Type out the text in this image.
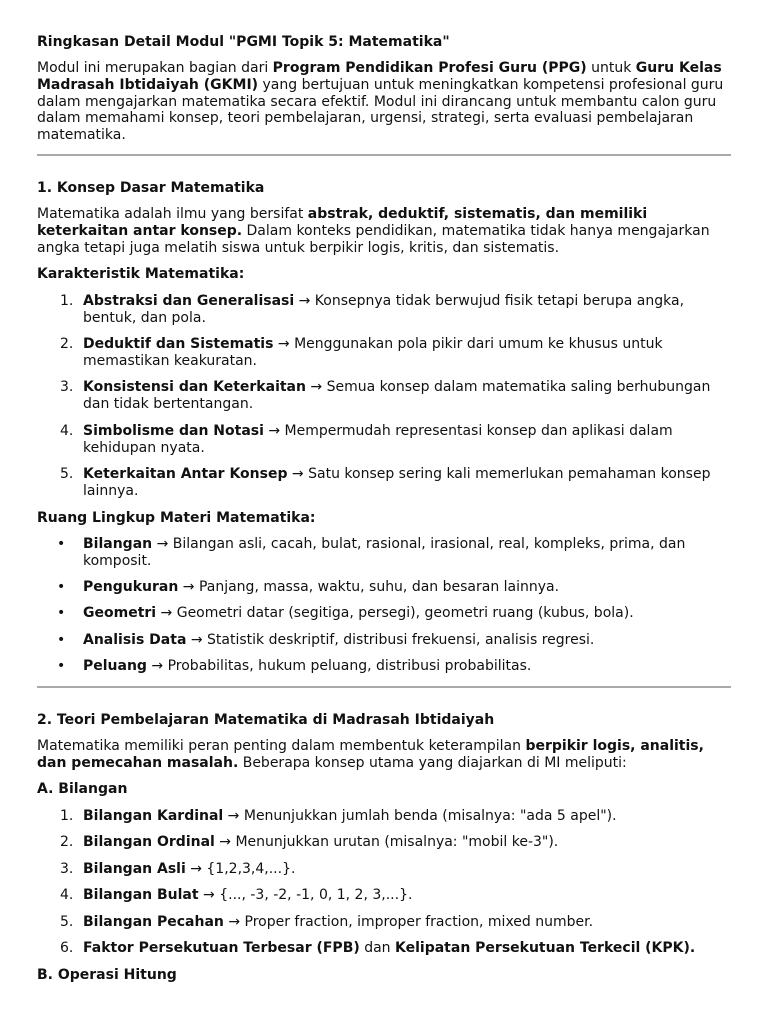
Ringkasan Detail Modul "PGMI Topik 5: Matematika"

Modul ini merupakan bagian dari Program Pendidikan Profesi Guru (PPG) untuk Guru Kelas Madrasah Ibtidaiyah (GKMI) yang bertujuan untuk meningkatkan kompetensi profesional guru dalam mengajarkan matematika secara efektif. Modul ini dirancang untuk membantu calon guru dalam memahami konsep, teori pembelajaran, urgensi, strategi, serta evaluasi pembelajaran matematika.

1. Konsep Dasar Matematika

Matematika adalah ilmu yang bersifat abstrak, deduktif, sistematis, dan memiliki keterkaitan antar konsep. Dalam konteks pendidikan, matematika tidak hanya mengajarkan angka tetapi juga melatih siswa untuk berpikir logis, kritis, dan sistematis.

Karakteristik Matematika:

1. Abstraksi dan Generalisasi → Konsepnya tidak berwujud fisik tetapi berupa angka, bentuk, dan pola.
2. Deduktif dan Sistematis → Menggunakan pola pikir dari umum ke khusus untuk memastikan keakuratan.
3. Konsistensi dan Keterkaitan → Semua konsep dalam matematika saling berhubungan dan tidak bertentangan.
4. Simbolisme dan Notasi → Mempermudah representasi konsep dan aplikasi dalam kehidupan nyata.
5. Keterkaitan Antar Konsep → Satu konsep sering kali memerlukan pemahaman konsep lainnya.

Ruang Lingkup Materi Matematika:

• Bilangan → Bilangan asli, cacah, bulat, rasional, irasional, real, kompleks, prima, dan komposit.
• Pengukuran → Panjang, massa, waktu, suhu, dan besaran lainnya.
• Geometri → Geometri datar (segitiga, persegi), geometri ruang (kubus, bola).
• Analisis Data → Statistik deskriptif, distribusi frekuensi, analisis regresi.
• Peluang → Probabilitas, hukum peluang, distribusi probabilitas.

2. Teori Pembelajaran Matematika di Madrasah Ibtidaiyah

Matematika memiliki peran penting dalam membentuk keterampilan berpikir logis, analitis, dan pemecahan masalah. Beberapa konsep utama yang diajarkan di MI meliputi:

A. Bilangan

1. Bilangan Kardinal → Menunjukkan jumlah benda (misalnya: "ada 5 apel").
2. Bilangan Ordinal → Menunjukkan urutan (misalnya: "mobil ke-3").
3. Bilangan Asli → {1,2,3,4,...}.
4. Bilangan Bulat → {..., -3, -2, -1, 0, 1, 2, 3,...}.
5. Bilangan Pecahan → Proper fraction, improper fraction, mixed number.
6. Faktor Persekutuan Terbesar (FPB) dan Kelipatan Persekutuan Terkecil (KPK).

B. Operasi Hitung
